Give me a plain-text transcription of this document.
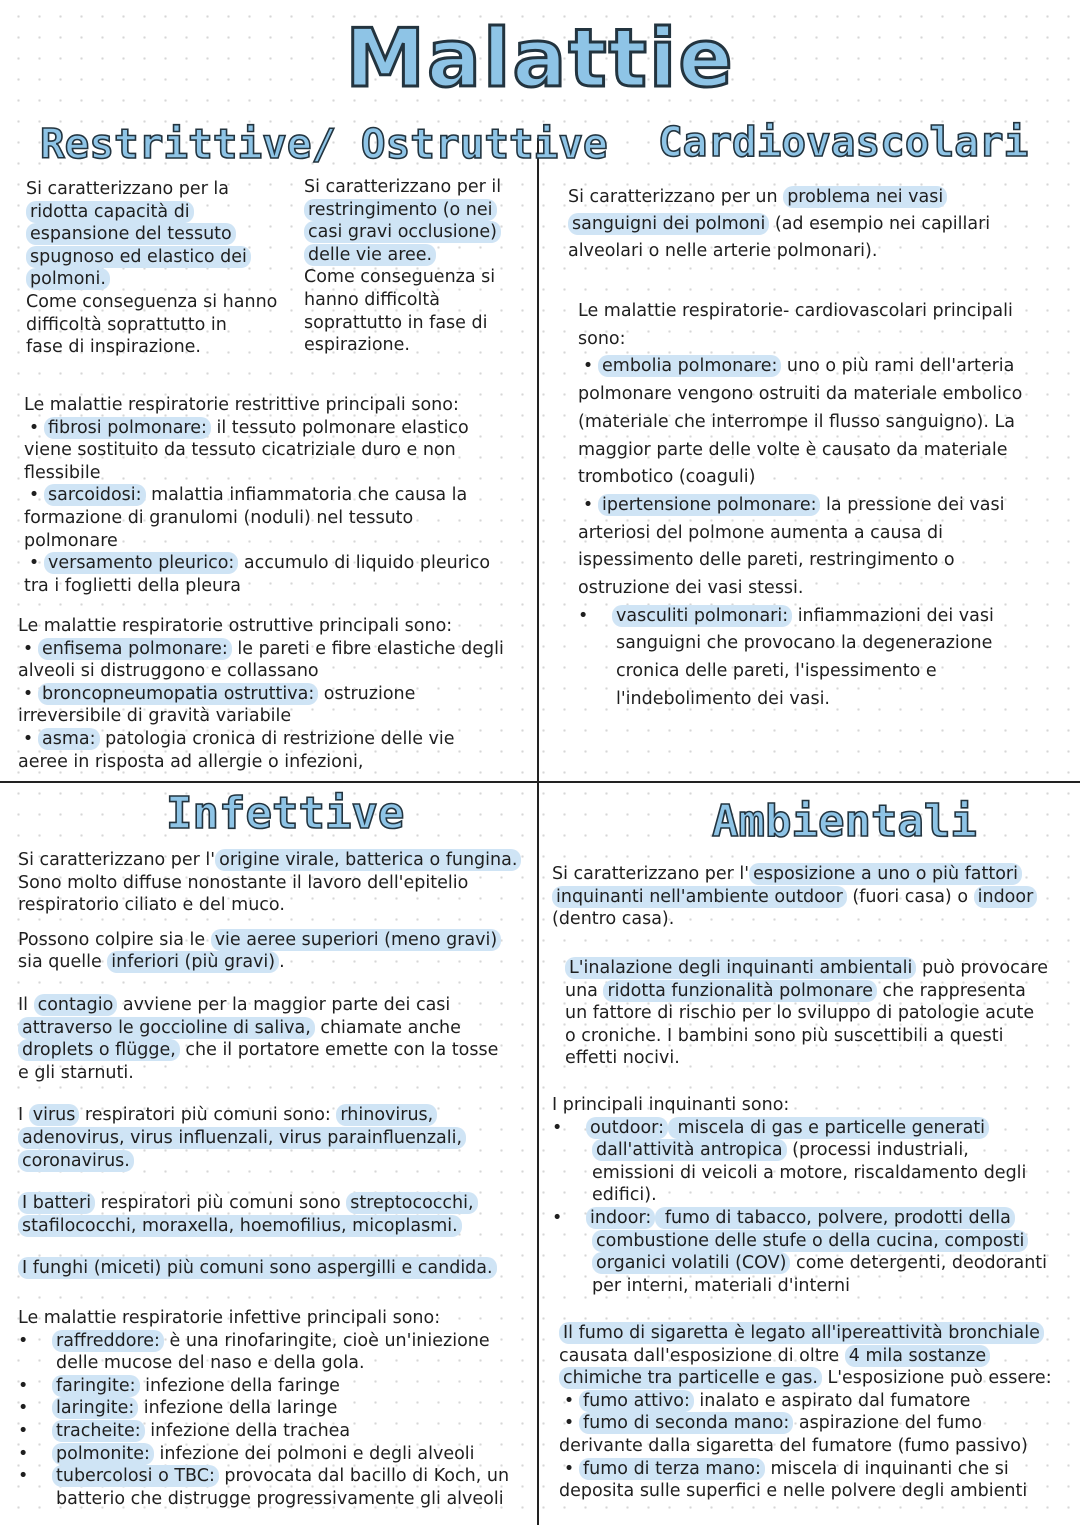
Malattie
Restrittive/ Ostruttive

Si caratterizzano per la

ridotta capacità di

espansione del tessuto

spugnoso ed elastico dei

polmoni.

Come conseguenza si hanno

difficoltà soprattutto in

fase di inspirazione.

Si caratterizzano per il

restringimento (o nei

casi gravi occlusione)

delle vie aree.

Come conseguenza si

hanno difficoltà

soprattutto in fase di

espirazione.

Le malattie respiratorie restrittive principali sono:

• fibrosi polmonare: il tessuto polmonare elastico

viene sostituito da tessuto cicatriziale duro e non

flessibile

• sarcoidosi: malattia infiammatoria che causa la

formazione di granulomi (noduli) nel tessuto

polmonare

• versamento pleurico: accumulo di liquido pleurico

tra i foglietti della pleura

Le malattie respiratorie ostruttive principali sono:

• enfisema polmonare: le pareti e fibre elastiche degli

alveoli si distruggono e collassano

• broncopneumopatia ostruttiva: ostruzione

irreversibile di gravità variabile

• asma: patologia cronica di restrizione delle vie

aeree in risposta ad allergie o infezioni,

Cardiovascolari

Si caratterizzano per un problema nei vasi

sanguigni dei polmoni (ad esempio nei capillari

alveolari o nelle arterie polmonari).

Le malattie respiratorie- cardiovascolari principali

sono:

• embolia polmonare: uno o più rami dell'arteria

polmonare vengono ostruiti da materiale embolico

(materiale che interrompe il flusso sanguigno). La

maggior parte delle volte è causato da materiale

trombotico (coaguli)

• ipertensione polmonare: la pressione dei vasi

arteriosi del polmone aumenta a causa di

ispessimento delle pareti, restringimento o

ostruzione dei vasi stessi.

• vasculiti polmonari: infiammazioni dei vasi

sanguigni che provocano la degenerazione

cronica delle pareti, l'ispessimento e

l'indebolimento dei vasi.

Infettive

Si caratterizzano per l' origine virale, batterica o fungina.

Sono molto diffuse nonostante il lavoro dell'epitelio

respiratorio ciliato e del muco.

Possono colpire sia le vie aeree superiori (meno gravi)

sia quelle inferiori (più gravi) .

Il contagio avviene per la maggior parte dei casi

attraverso le goccioline di saliva, chiamate anche

droplets o flügge, che il portatore emette con la tosse

e gli starnuti.

I virus respiratori più comuni sono: rhinovirus,

adenovirus, virus influenzali, virus parainfluenzali,

coronavirus.

I batteri respiratori più comuni sono streptococchi,

stafilococchi, moraxella, hoemofilius, micoplasmi.

I funghi (miceti) più comuni sono aspergilli e candida.

Le malattie respiratorie infettive principali sono:

• raffreddore: è una rinofaringite, cioè un'iniezione

delle mucose del naso e della gola.

• faringite: infezione della faringe

• laringite: infezione della laringe

• tracheite: infezione della trachea

• polmonite: infezione dei polmoni e degli alveoli

• tubercolosi o TBC: provocata dal bacillo di Koch, un

batterio che distrugge progressivamente gli alveoli

Ambientali

Si caratterizzano per l' esposizione a uno o più fattori

inquinanti nell'ambiente outdoor (fuori casa) o indoor

(dentro casa).

L'inalazione degli inquinanti ambientali può provocare

una ridotta funzionalità polmonare che rappresenta

un fattore di rischio per lo sviluppo di patologie acute

o croniche. I bambini sono più suscettibili a questi

effetti nocivi.

I principali inquinanti sono:

• outdoor: miscela di gas e particelle generati

dall'attività antropica (processi industriali,

emissioni di veicoli a motore, riscaldamento degli

edifici).

• indoor: fumo di tabacco, polvere, prodotti della

combustione delle stufe o della cucina, composti

organici volatili (COV) come detergenti, deodoranti

per interni, materiali d'interni

Il fumo di sigaretta è legato all'ipereattività bronchiale

causata dall'esposizione di oltre 4 mila sostanze

chimiche tra particelle e gas. L'esposizione può essere:

• fumo attivo: inalato e aspirato dal fumatore

• fumo di seconda mano: aspirazione del fumo

derivante dalla sigaretta del fumatore (fumo passivo)

• fumo di terza mano: miscela di inquinanti che si

deposita sulle superfici e nelle polvere degli ambienti
